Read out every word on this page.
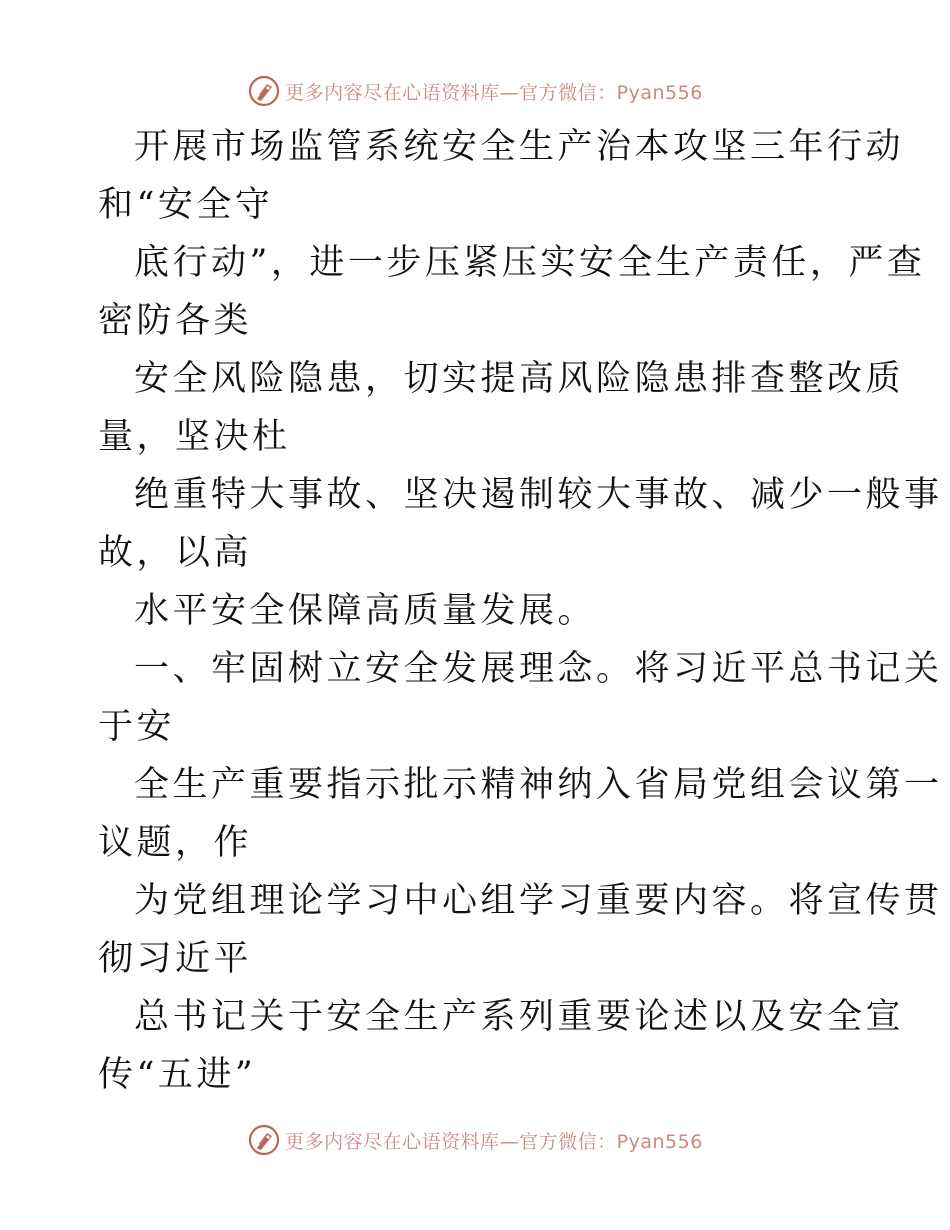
更多内容尽在心语资料库—官方微信：Pyan556
开展市场监管系统安全生产治本攻坚三年行动
和“安全守
底行动”，进一步压紧压实安全生产责任，严查
密防各类
安全风险隐患，切实提高风险隐患排查整改质
量，坚决杜
绝重特大事故、坚决遏制较大事故、减少一般事
故，以高
水平安全保障高质量发展。
一、牢固树立安全发展理念。将习近平总书记关
于安
全生产重要指示批示精神纳入省局党组会议第一
议题，作
为党组理论学习中心组学习重要内容。将宣传贯
彻习近平
总书记关于安全生产系列重要论述以及安全宣
传“五进”
更多内容尽在心语资料库—官方微信：Pyan556
